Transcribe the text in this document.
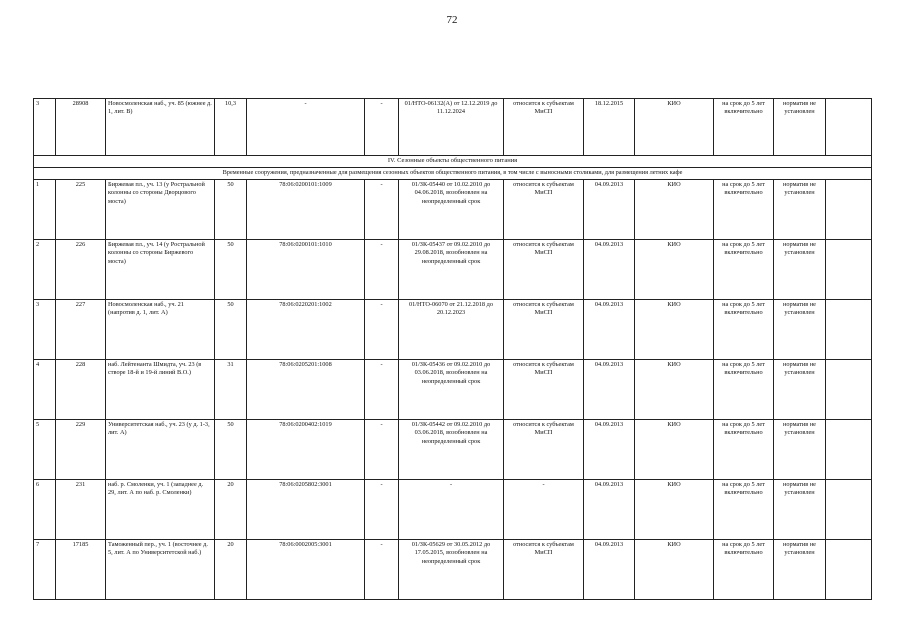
72
3	28908	Новосмоленская наб., уч. 85 (южнее д. 1, лит. В)	10,3	-	-	01/НТО-06132(А) от 12.12.2019 до 11.12.2024	относится к субъектам МиСП	18.12.2015	КИО	на срок до 5 лет включительно	норматив не установлен	
IV. Сезонные объекты общественного питания												
Временные сооружения, предназначенные для размещения сезонных объектов общественного питания, в том числе с выносными столиками, для размещения летних кафе												
1	225	Биржевая пл., уч. 13 (у Ростральной колонны со стороны Дворцового моста)	50	78:06:0200101:1009	-	01/ЗК-05440 от 10.02.2010 до 04.06.2018, возобновлен на неопределенный срок	относится к субъектам МиСП	04.09.2013	КИО	на срок до 5 лет включительно	норматив не установлен	
2	226	Биржевая пл., уч. 14 (у Ростральной колонны со стороны Биржевого моста)	50	78:06:0200101:1010	-	01/ЗК-05437 от 09.02.2010 до 29.08.2018, возобновлен на неопределенный срок	относится к субъектам МиСП	04.09.2013	КИО	на срок до 5 лет включительно	норматив не установлен	
3	227	Новосмоленская наб., уч. 21 (напротив д. 1, лит. А)	50	78:06:0220201:1002	-	01/НТО-06070 от 21.12.2018 до 20.12.2023	относится к субъектам МиСП	04.09.2013	КИО	на срок до 5 лет включительно	норматив не установлен	
4	228	наб. Лейтенанта Шмидта, уч. 23 (в створе 18-й и 19-й линий В.О.)	31	78:06:0205201:1008	-	01/ЗК-05436 от 09.02.2010 до 03.06.2018, возобновлен на неопределенный срок	относится к субъектам МиСП	04.09.2013	КИО	на срок до 5 лет включительно	норматив не установлен	
5	229	Университетская наб., уч. 23 (у д. 1-3, лит. А)	50	78:06:0200402:1019	-	01/ЗК-05442 от 09.02.2010 до 03.06.2018, возобновлен на неопределенный срок	относится к субъектам МиСП	04.09.2013	КИО	на срок до 5 лет включительно	норматив не установлен	
6	231	наб. р. Смоленки, уч. 1 (западнее д. 29, лит. А по наб. р. Смоленки)	20	78:06:0205802:3001	-	-	-	04.09.2013	КИО	на срок до 5 лет включительно	норматив не установлен	
7	17185	Таможенный пер., уч. 1 (восточнее д. 5, лит. А по Университетской наб.)	20	78:06:0002005:3001	-	01/ЗК-05629 от 30.05.2012 до 17.05.2015, возобновлен на неопределенный срок	относится к субъектам МиСП	04.09.2013	КИО	на срок до 5 лет включительно	норматив не установлен	
